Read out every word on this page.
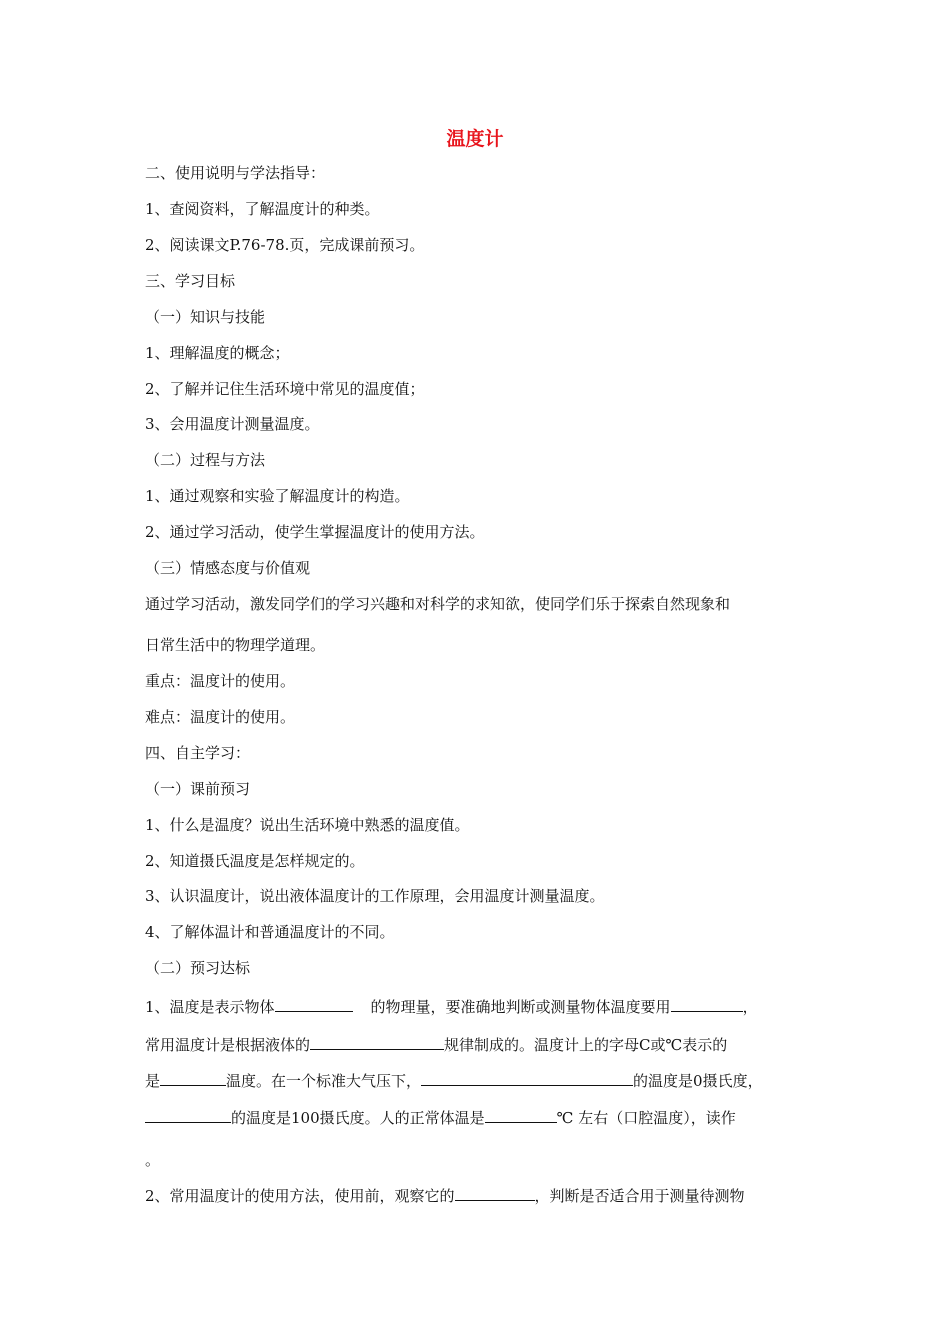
温度计
二、使用说明与学法指导：
1、查阅资料，了解温度计的种类。
2、阅读课文P.76-78.页，完成课前预习。
三、学习目标
（一）知识与技能
1、理解温度的概念；
2、了解并记住生活环境中常见的温度值；
3、会用温度计测量温度。
（二）过程与方法
1、通过观察和实验了解温度计的构造。
2、通过学习活动，使学生掌握温度计的使用方法。
（三）情感态度与价值观
通过学习活动，激发同学们的学习兴趣和对科学的求知欲，使同学们乐于探索自然现象和
日常生活中的物理学道理。
重点：温度计的使用。
难点：温度计的使用。
四、自主学习：
（一）课前预习
1、什么是温度？说出生活环境中熟悉的温度值。
2、知道摄氏温度是怎样规定的。
3、认识温度计，说出液体温度计的工作原理，会用温度计测量温度。
4、了解体温计和普通温度计的不同。
（二）预习达标
1、温度是表示物体	的物理量，要准确地判断或测量物体温度要用	，
常用温度计是根据液体的	规律制成的。温度计上的字母C或℃表示的
是	温度。在一个标准大气压下，	的温度是0摄氏度，
的温度是100摄氏度。人的正常体温是	℃ 左右（口腔温度），读作
。
2、常用温度计的使用方法，使用前，观察它的	，判断是否适合用于测量待测物
